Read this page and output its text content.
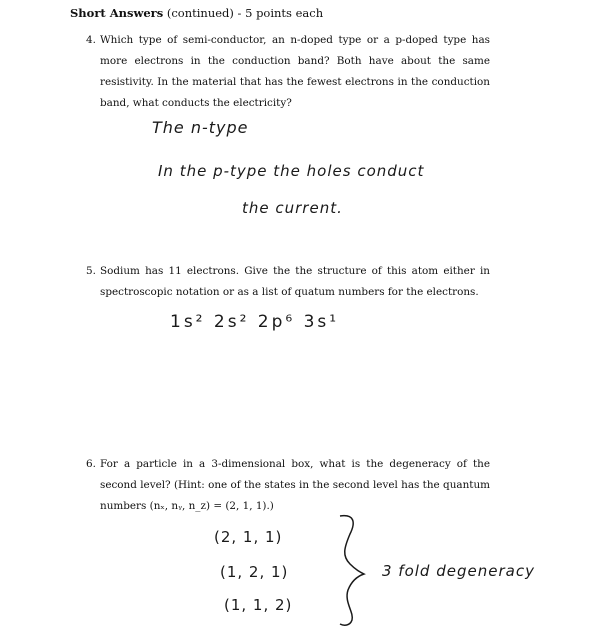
Short Answers (continued) - 5 points each
4. Which type of semi-conductor, an n-doped type or a p-doped type has more electrons in the conduction band? Both have about the same resistivity. In the material that has the fewest electrons in the conduction band, what conducts the electricity?
The n-type
In the p-type the holes conduct
the current.
5. Sodium has 11 electrons. Give the the structure of this atom either in spectroscopic notation or as a list of quatum numbers for the electrons.
1s² 2s² 2p⁶ 3s¹
6. For a particle in a 3-dimensional box, what is the degeneracy of the second level? (Hint: one of the states in the second level has the quantum numbers (nₓ, nᵧ, n_z) = (2, 1, 1).)
(2, 1, 1)
(1, 2, 1)
(1, 1, 2)
3 fold degeneracy
